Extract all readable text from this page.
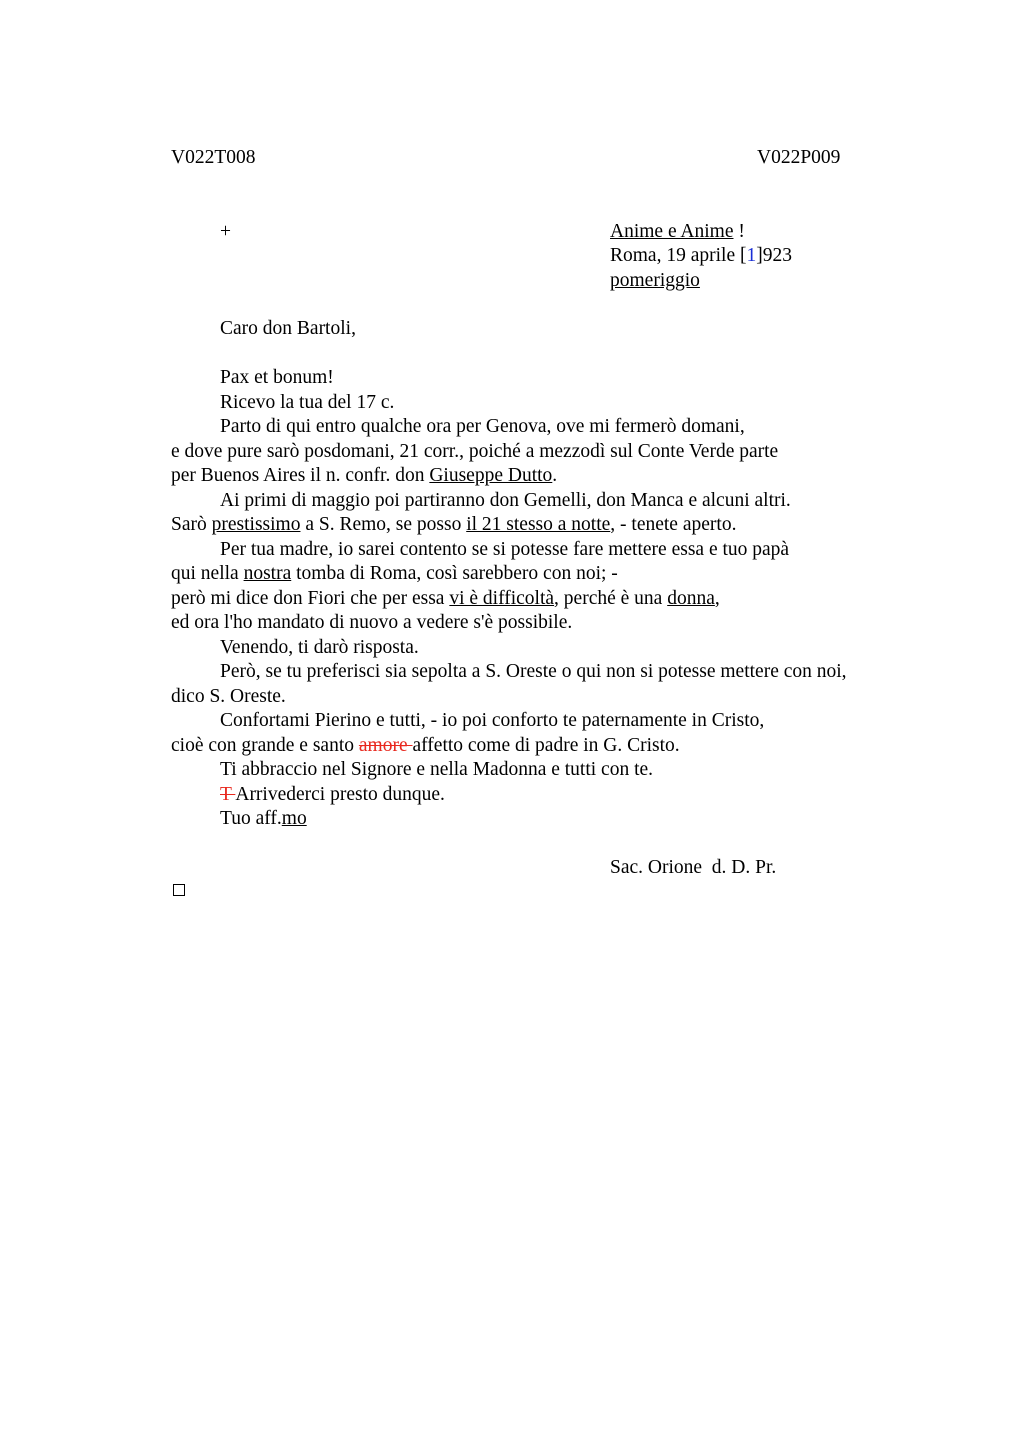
V022T008	V022P009
+	Anime e Anime !
Roma, 19 aprile [1]923
pomeriggio
Caro don Bartoli,
Pax et bonum!
Ricevo la tua del 17 c.
Parto di qui entro qualche ora per Genova, ove mi fermerò domani,
e dove pure sarò posdomani, 21 corr., poiché a mezzodì sul Conte Verde parte
per Buenos Aires il n. confr. don Giuseppe Dutto.
Ai primi di maggio poi partiranno don Gemelli, don Manca e alcuni altri.
Sarò prestissimo a S. Remo, se posso il 21 stesso a notte, - tenete aperto.
Per tua madre, io sarei contento se si potesse fare mettere essa e tuo papà
qui nella nostra tomba di Roma, così sarebbero con noi; -
però mi dice don Fiori che per essa vi è difficoltà, perché è una donna,
ed ora l'ho mandato di nuovo a vedere s'è possibile.
Venendo, ti darò risposta.
Però, se tu preferisci sia sepolta a S. Oreste o qui non si potesse mettere con noi,
dico S. Oreste.
Confortami Pierino e tutti, - io poi conforto te paternamente in Cristo,
cioè con grande e santo amore affetto come di padre in G. Cristo.
Ti abbraccio nel Signore e nella Madonna e tutti con te.
T Arrivederci presto dunque.
Tuo aff.mo
Sac. Orione  d. D. Pr.
